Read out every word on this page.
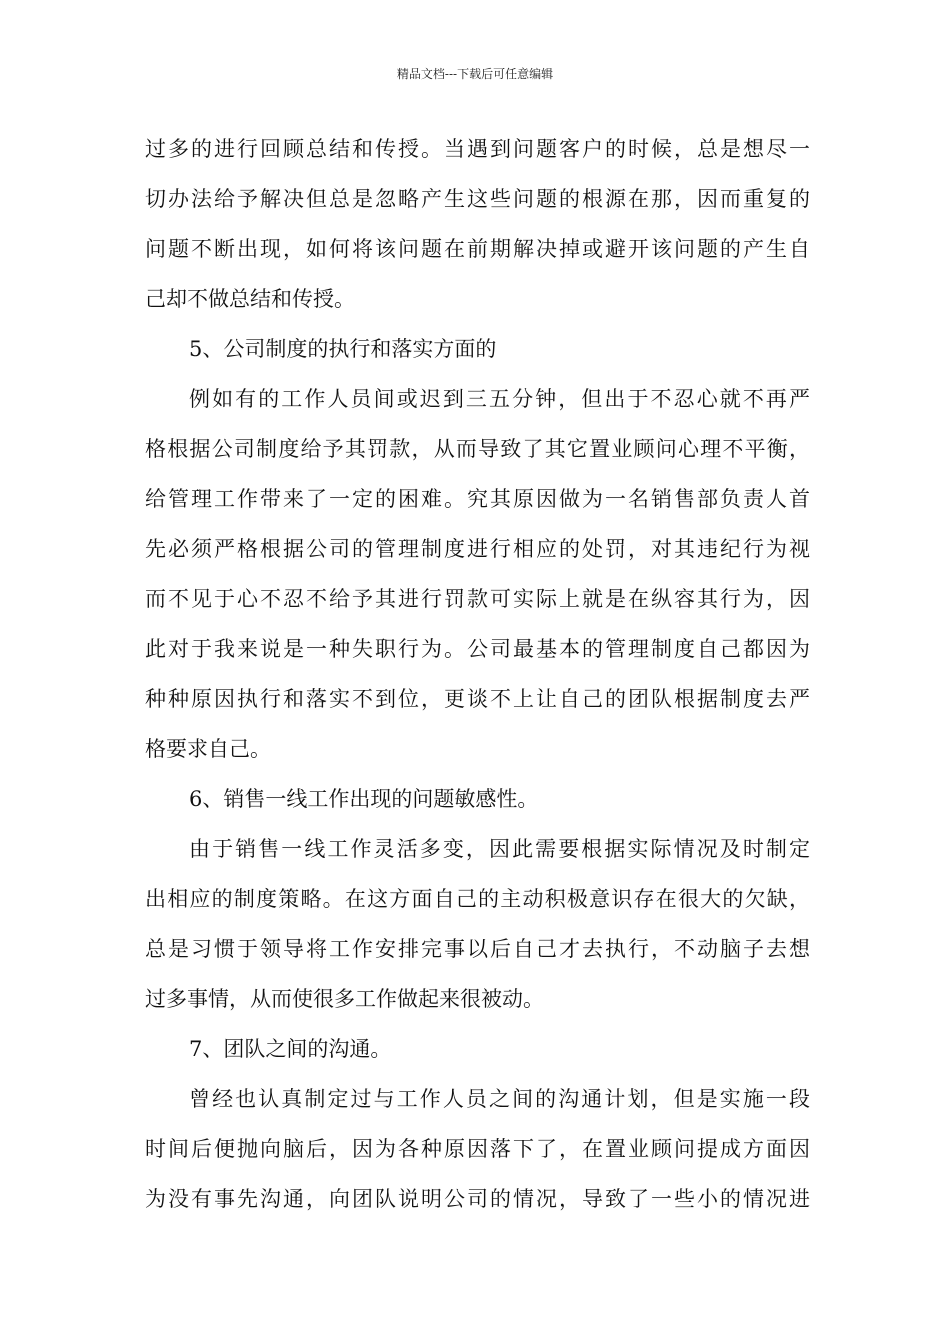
精品文档---下载后可任意编辑
过多的进行回顾总结和传授。当遇到问题客户的时候，总是想尽一
切办法给予解决但总是忽略产生这些问题的根源在那，因而重复的
问题不断出现，如何将该问题在前期解决掉或避开该问题的产生自
己却不做总结和传授。
5、公司制度的执行和落实方面的
例如有的工作人员间或迟到三五分钟，但出于不忍心就不再严
格根据公司制度给予其罚款，从而导致了其它置业顾问心理不平衡，
给管理工作带来了一定的困难。究其原因做为一名销售部负责人首
先必须严格根据公司的管理制度进行相应的处罚，对其违纪行为视
而不见于心不忍不给予其进行罚款可实际上就是在纵容其行为，因
此对于我来说是一种失职行为。公司最基本的管理制度自己都因为
种种原因执行和落实不到位，更谈不上让自己的团队根据制度去严
格要求自己。
6、销售一线工作出现的问题敏感性。
由于销售一线工作灵活多变，因此需要根据实际情况及时制定
出相应的制度策略。在这方面自己的主动积极意识存在很大的欠缺，
总是习惯于领导将工作安排完事以后自己才去执行，不动脑子去想
过多事情，从而使很多工作做起来很被动。
7、团队之间的沟通。
曾经也认真制定过与工作人员之间的沟通计划，但是实施一段
时间后便抛向脑后，因为各种原因落下了，在置业顾问提成方面因
为没有事先沟通，向团队说明公司的情况，导致了一些小的情况进
